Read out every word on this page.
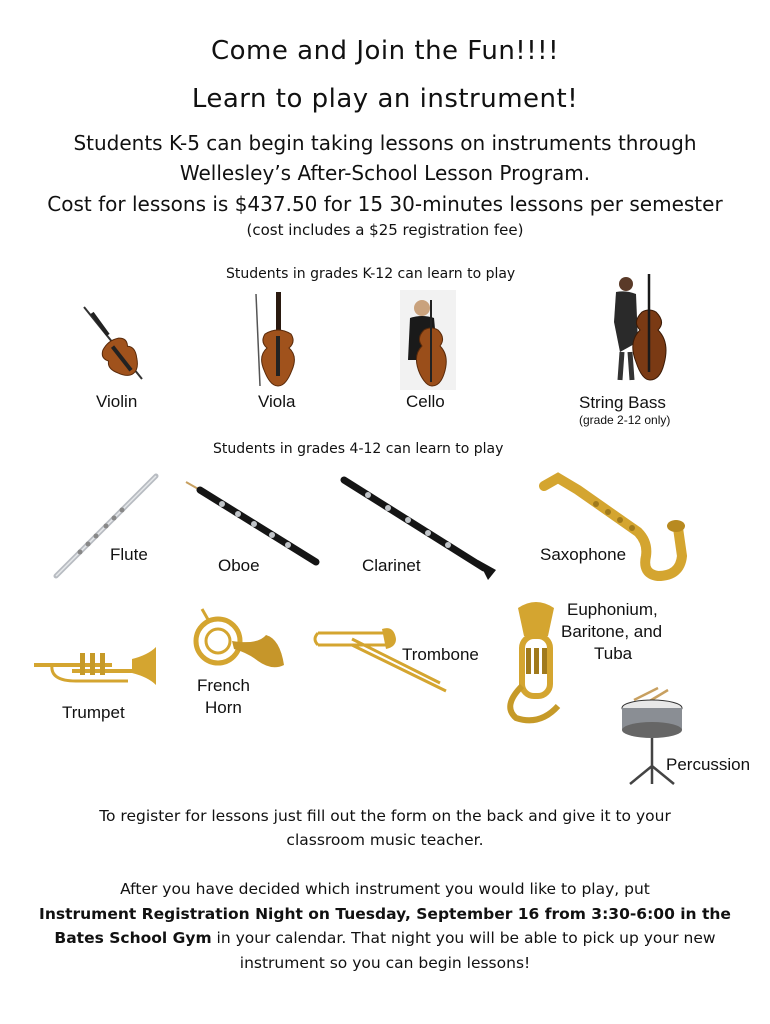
Come and Join the Fun!!!!
Learn to play an instrument!
Students K-5 can begin taking lessons on instruments through
Wellesley’s After-School Lesson Program.
Cost for lessons is $437.50 for 15 30-minutes lessons per semester
(cost includes a $25 registration fee)
Students in grades K-12 can learn to play
Violin	Viola	Cello	String Bass
(grade 2-12 only)
Students in grades 4-12 can learn to play
Flute
Oboe	Clarinet
Saxophone
Trombone
Euphonium,
Baritone, and
Tuba
French
Horn
Trumpet
Percussion
To register for lessons just fill out the form on the back and give it to your
classroom music teacher.
After you have decided which instrument you would like to play, put
Instrument Registration Night on Tuesday, September 16 from 3:30-6:00 in the
Bates School Gym in your calendar. That night you will be able to pick up your new
instrument so you can begin lessons!
